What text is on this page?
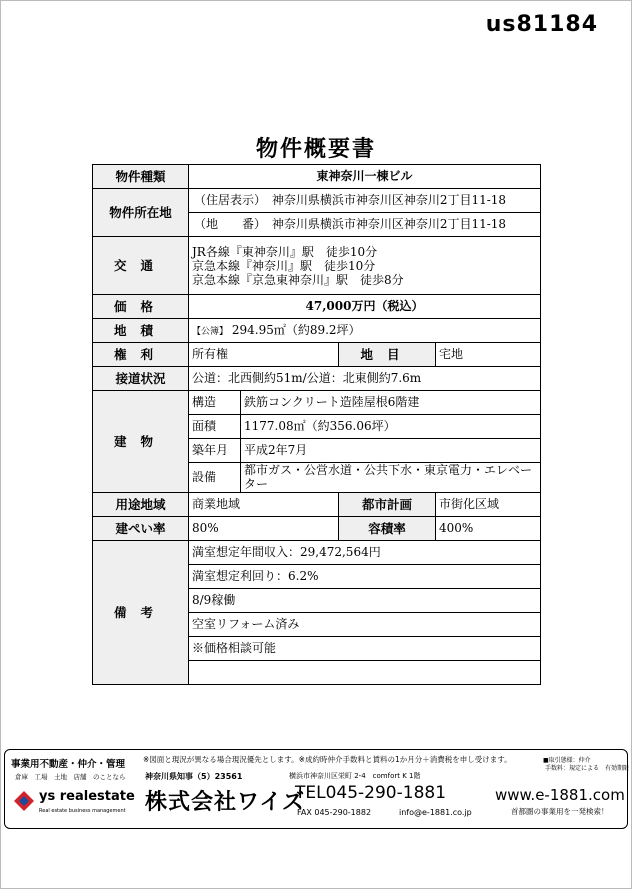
us81184
物件概要書
物件種類	東神奈川一棟ビル			
物件所在地	（住居表示） 神奈川県横浜市神奈川区神奈川2丁目11-18			
	（地　　番） 神奈川県横浜市神奈川区神奈川2丁目11-18			
交通	JR各線『東神奈川』駅　徒歩10分
京急本線『神奈川』駅　徒歩10分
京急本線『京急東神奈川』駅　徒歩8分			

価格	47,000万円（税込）			
地積	【公簿】 294.95㎡（約89.2坪）			
権利	所有権		地目	宅地
接道状況	公道：北西側約51m/公道：北東側約7.6m			
建物	構造	鉄筋コンクリート造陸屋根6階建		
	面積	1177.08㎡（約356.06坪）		
	築年月	平成2年7月		
	設備	都市ガス・公営水道・公共下水・東京電力・エレベーター		
用途地域	商業地域		都市計画	市街化区域
建ぺい率	80%		容積率	400%
備考	満室想定年間収入：29,472,564円			
	満室想定利回り：6.2%			
	8/9稼働			
	空室リフォーム済み			
	※価格相談可能			

事業用不動産・仲介・管理 ※図面と現況が異なる場合現況優先とします。※成約時仲介手数料と賃料の1か月分＋消費税を申し受けます。	■取引態様：仲介
手数料：規定による　有効期限
倉庫　工場　土地　店舗　のことなら 神奈川県知事（5）23561	横浜市神奈川区栄町 2-4　comfort K 1階
ys realestate
Real estate business management 株式会社ワイズ
TEL045-290-1881
FAX 045-290-1882	info@e-1881.co.jp
www.e-1881.com
首都圏の事業用を一発検索！
